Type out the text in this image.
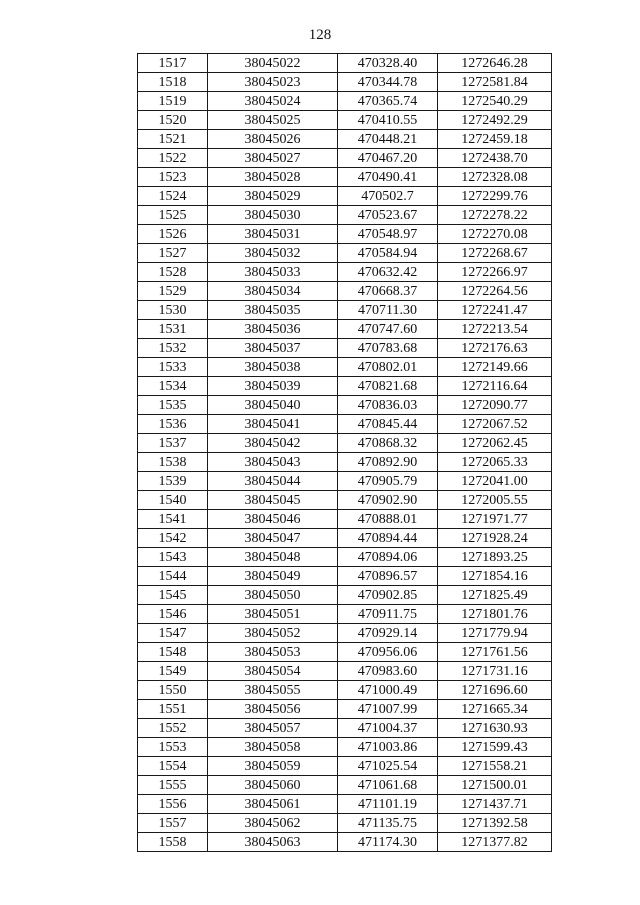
128
1517	38045022	470328.40	1272646.28
1518	38045023	470344.78	1272581.84
1519	38045024	470365.74	1272540.29
1520	38045025	470410.55	1272492.29
1521	38045026	470448.21	1272459.18
1522	38045027	470467.20	1272438.70
1523	38045028	470490.41	1272328.08
1524	38045029	470502.7	1272299.76
1525	38045030	470523.67	1272278.22
1526	38045031	470548.97	1272270.08
1527	38045032	470584.94	1272268.67
1528	38045033	470632.42	1272266.97
1529	38045034	470668.37	1272264.56
1530	38045035	470711.30	1272241.47
1531	38045036	470747.60	1272213.54
1532	38045037	470783.68	1272176.63
1533	38045038	470802.01	1272149.66
1534	38045039	470821.68	1272116.64
1535	38045040	470836.03	1272090.77
1536	38045041	470845.44	1272067.52
1537	38045042	470868.32	1272062.45
1538	38045043	470892.90	1272065.33
1539	38045044	470905.79	1272041.00
1540	38045045	470902.90	1272005.55
1541	38045046	470888.01	1271971.77
1542	38045047	470894.44	1271928.24
1543	38045048	470894.06	1271893.25
1544	38045049	470896.57	1271854.16
1545	38045050	470902.85	1271825.49
1546	38045051	470911.75	1271801.76
1547	38045052	470929.14	1271779.94
1548	38045053	470956.06	1271761.56
1549	38045054	470983.60	1271731.16
1550	38045055	471000.49	1271696.60
1551	38045056	471007.99	1271665.34
1552	38045057	471004.37	1271630.93
1553	38045058	471003.86	1271599.43
1554	38045059	471025.54	1271558.21
1555	38045060	471061.68	1271500.01
1556	38045061	471101.19	1271437.71
1557	38045062	471135.75	1271392.58
1558	38045063	471174.30	1271377.82
